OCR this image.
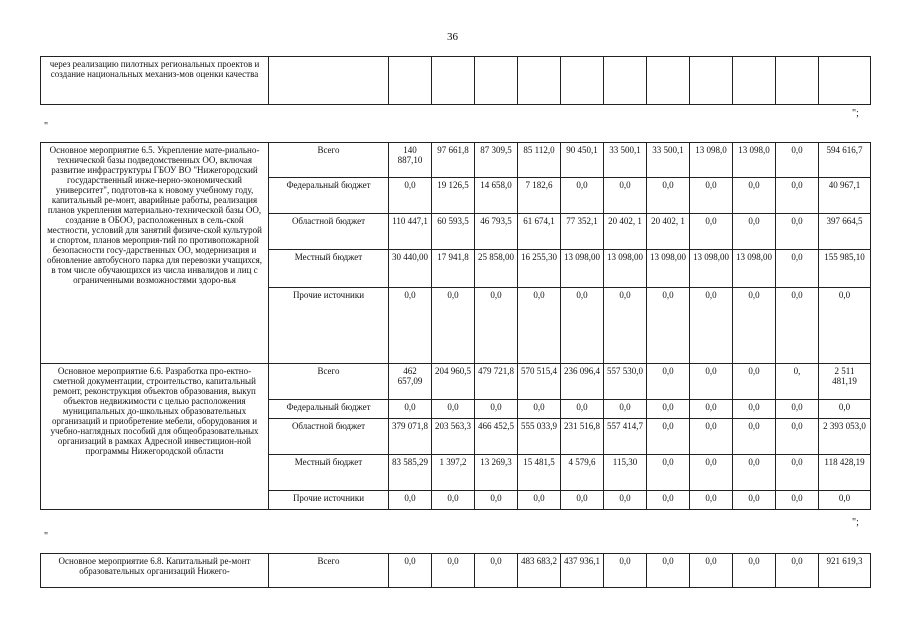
36
через реализацию пилотных региональных проектов и создание национальных механиз-мов оценки качества												
";
"
Основное мероприятие 6.5. Укрепление мате-риально-технической базы подведомственных ОО, включая развитие инфраструктуры ГБОУ ВО "Нижегородский государственный инже-нерно-экономический университет", подготов-ка к новому учебному году, капитальный ре-монт, аварийные работы, реализация планов укрепления материально-технической базы ОО, создание в ОБОО, расположенных в сель-ской местности, условий для занятий физиче-ской культурой и спортом, планов мероприя-тий по противопожарной безопасности госу-дарственных ОО, модернизация и обновление автобусного парка для перевозки учащихся, в том числе обучающихся из числа инвалидов и лиц с ограниченными возможностями здоро-вья	Всего	140 887,10	97 661,8	87 309,5	85 112,0	90 450,1	33 500,1	33 500,1	13 098,0	13 098,0	0,0	594 616,7
	Федеральный бюджет	0,0	19 126,5	14 658,0	7 182,6	0,0	0,0	0,0	0,0	0,0	0,0	40 967,1
	Областной бюджет	110 447,1	60 593,5	46 793,5	61 674,1	77 352,1	20 402, 1	20 402, 1	0,0	0,0	0,0	397 664,5
	Местный бюджет	30 440,00	17 941,8	25 858,00	16 255,30	13 098,00	13 098,00	13 098,00	13 098,00	13 098,00	0,0	155 985,10
	Прочие источники	0,0	0,0	0,0	0,0	0,0	0,0	0,0	0,0	0,0	0,0	0,0
Основное мероприятие 6.6. Разработка про-ектно-сметной документации, строительство, капитальный ремонт, реконструкция объектов образования, выкуп объектов недвижимости с целью расположения муниципальных до-школьных образовательных организаций и приобретение мебели, оборудования и учебно-наглядных пособий для общеобразовательных организаций в рамках Адресной инвестицион-ной программы Нижегородской области	Всего	462 657,09	204 960,5	479 721,8	570 515,4	236 096,4	557 530,0	0,0	0,0	0,0	0,	2 511 481,19
	Федеральный бюджет	0,0	0,0	0,0	0,0	0,0	0,0	0,0	0,0	0,0	0,0	0,0
	Областной бюджет	379 071,8	203 563,3	466 452,5	555 033,9	231 516,8	557 414,7	0,0	0,0	0,0	0,0	2 393 053,0
	Местный бюджет	83 585,29	1 397,2	13 269,3	15 481,5	4 579,6	115,30	0,0	0,0	0,0	0,0	118 428,19
	Прочие источники	0,0	0,0	0,0	0,0	0,0	0,0	0,0	0,0	0,0	0,0	0,0
";
"
Основное мероприятие 6.8. Капитальный ре-монт образовательных организаций Нижего-	Всего	0,0	0,0	0,0	483 683,2	437 936,1	0,0	0,0	0,0	0,0	0,0	921 619,3
